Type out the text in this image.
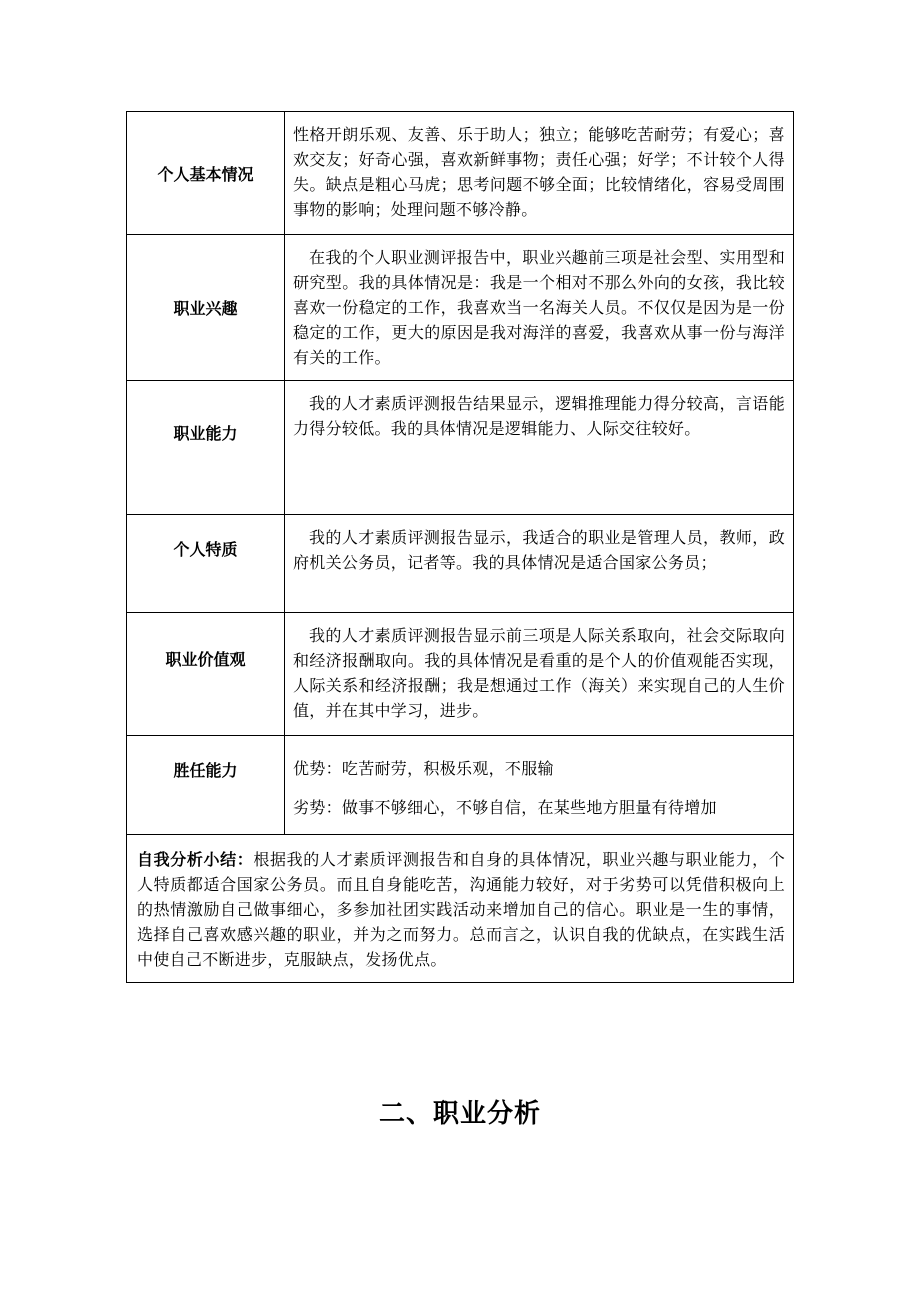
个人基本情况	性格开朗乐观、友善、乐于助人；独立；能够吃苦耐劳；有爱心；喜欢交友；好奇心强，喜欢新鲜事物；责任心强；好学；不计较个人得失。缺点是粗心马虎；思考问题不够全面；比较情绪化，容易受周围事物的影响；处理问题不够冷静。
职业兴趣	在我的个人职业测评报告中，职业兴趣前三项是社会型、实用型和研究型。我的具体情况是：我是一个相对不那么外向的女孩，我比较喜欢一份稳定的工作，我喜欢当一名海关人员。不仅仅是因为是一份稳定的工作，更大的原因是我对海洋的喜爱，我喜欢从事一份与海洋有关的工作。
职业能力	我的人才素质评测报告结果显示，逻辑推理能力得分较高，言语能力得分较低。我的具体情况是逻辑能力、人际交往较好。
个人特质	我的人才素质评测报告显示，我适合的职业是管理人员，教师，政府机关公务员，记者等。我的具体情况是适合国家公务员；
职业价值观	我的人才素质评测报告显示前三项是人际关系取向，社会交际取向和经济报酬取向。我的具体情况是看重的是个人的价值观能否实现，人际关系和经济报酬；我是想通过工作（海关）来实现自己的人生价值，并在其中学习，进步。
胜任能力	优势：吃苦耐劳，积极乐观，不服输

劣势：做事不够细心，不够自信，在某些地方胆量有待增加

自我分析小结：根据我的人才素质评测报告和自身的具体情况，职业兴趣与职业能力，个人特质都适合国家公务员。而且自身能吃苦，沟通能力较好，对于劣势可以凭借积极向上的热情激励自己做事细心，多参加社团实践活动来增加自己的信心。职业是一生的事情，选择自己喜欢感兴趣的职业，并为之而努力。总而言之，认识自我的优缺点，在实践生活中使自己不断进步，克服缺点，发扬优点。	
二、职业分析
